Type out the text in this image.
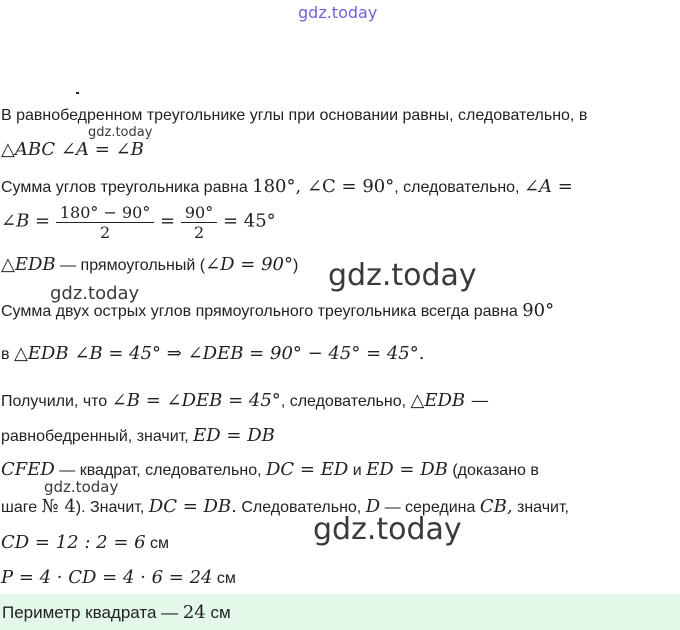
gdz.today
В равнобедренном треугольнике углы при основании равны, следовательно, в
gdz.today
△ABC ∠A = ∠B
Сумма углов треугольника равна 180°, ∠C = 90°, следовательно, ∠A =
∠B = $\frac{180^\circ - 90^\circ}{2} = \frac{90^\circ}{2} = 45^\circ$
△EDB — прямоугольный (∠D = 90°) gdz.today
gdz.today
Сумма двух острых углов прямоугольного треугольника всегда равна 90°
в △EDB ∠B = 45° ⇒ ∠DEB = 90° − 45° = 45°.
Получили, что ∠B = ∠DEB = 45°, следовательно, △EDB —
равнобедренный, значит, ED = DB
CFED — квадрат, следовательно, DC = ED и ED = DB (доказано в
gdz.today
шаге № 4). Значит, DC = DB. Следовательно, D — середина CB, значит,
gdz.today
CD = 12 : 2 = 6 см
P = 4 · CD = 4 · 6 = 24 см
Периметр квадрата — 24 см
